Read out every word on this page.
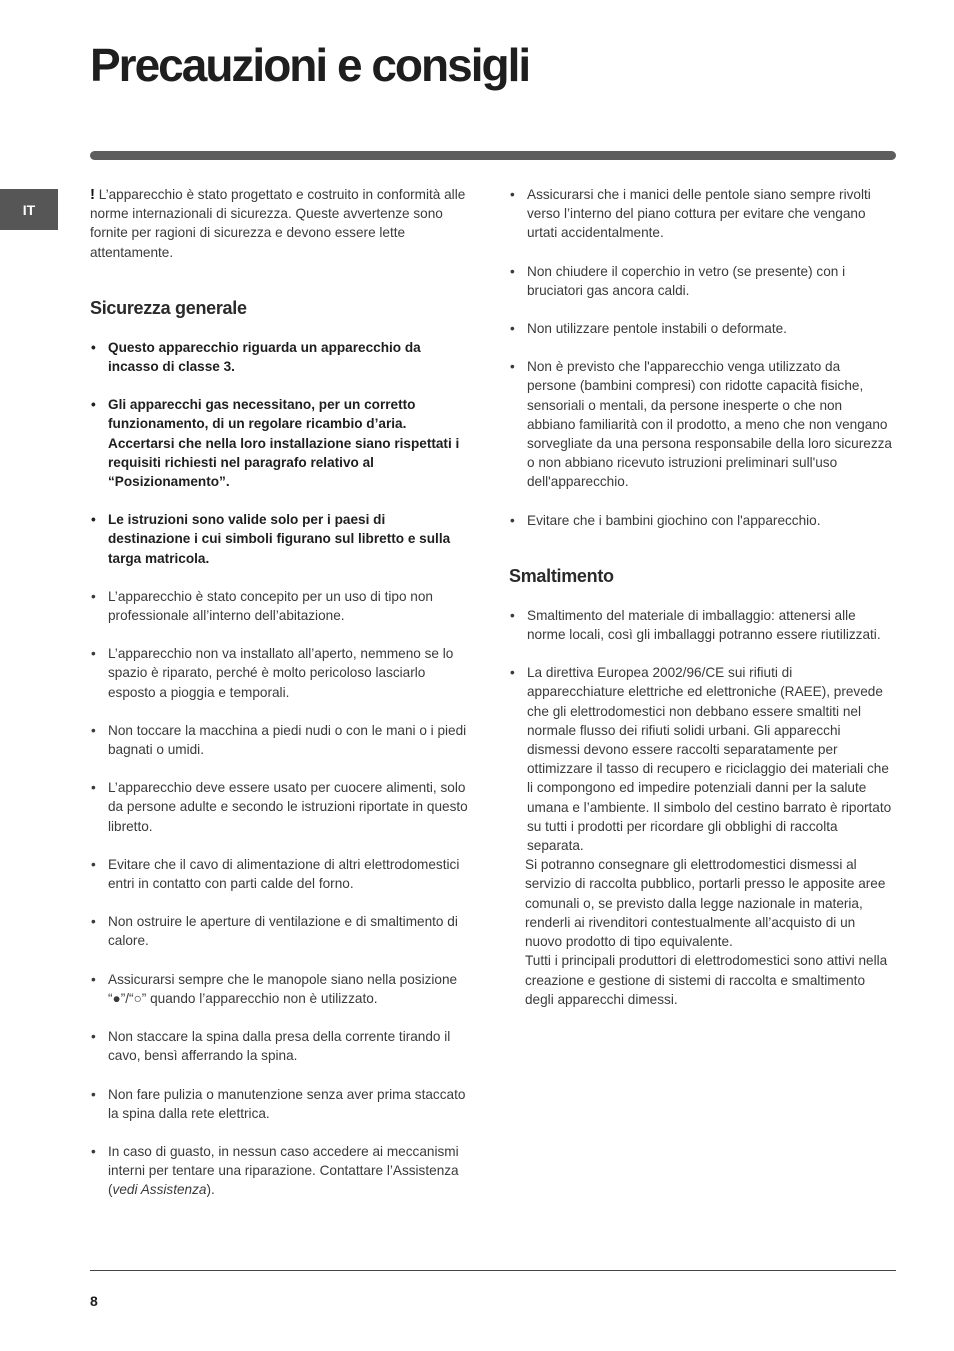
Precauzioni e consigli
IT

! L’apparecchio è stato progettato e costruito in conformità alle norme internazionali di sicurezza. Queste avvertenze sono fornite per ragioni di sicurezza e devono essere lette attentamente.

Sicurezza generale
• Questo apparecchio riguarda un apparecchio da incasso di classe 3.
• Gli apparecchi gas necessitano, per un corretto funzionamento, di un regolare ricambio d’aria. Accertarsi che nella loro installazione siano rispettati i requisiti richiesti nel paragrafo relativo al “Posizionamento”.
• Le istruzioni sono valide solo per i paesi di destinazione i cui simboli figurano sul libretto e sulla targa matricola.
• L’apparecchio è stato concepito per un uso di tipo non professionale all’interno dell’abitazione.
• L’apparecchio non va installato all’aperto, nemmeno se lo spazio è riparato, perché è molto pericoloso lasciarlo esposto a pioggia e temporali.
• Non toccare la macchina a piedi nudi o con le mani o i piedi bagnati o umidi.
• L’apparecchio deve essere usato per cuocere alimenti, solo da persone adulte e secondo le istruzioni riportate in questo libretto.
• Evitare che il cavo di alimentazione di altri elettrodomestici entri in contatto con parti calde del forno.
• Non ostruire le aperture di ventilazione e di smaltimento di calore.
• Assicurarsi sempre che le manopole siano nella posizione “●”/“○” quando l’apparecchio non è utilizzato.
• Non staccare la spina dalla presa della corrente tirando il cavo, bensì afferrando la spina.
• Non fare pulizia o manutenzione senza aver prima staccato la spina dalla rete elettrica.
• In caso di guasto, in nessun caso accedere ai meccanismi interni per tentare una riparazione. Contattare l’Assistenza (vedi Assistenza).
• Assicurarsi che i manici delle pentole siano sempre rivolti verso l’interno del piano cottura per evitare che vengano urtati accidentalmente.
• Non chiudere il coperchio in vetro (se presente) con i bruciatori gas ancora caldi.
• Non utilizzare pentole instabili o deformate.
• Non è previsto che l'apparecchio venga utilizzato da persone (bambini compresi) con ridotte capacità fisiche, sensoriali o mentali, da persone inesperte o che non abbiano familiarità con il prodotto, a meno che non vengano sorvegliate da una persona responsabile della loro sicurezza o non abbiano ricevuto istruzioni preliminari sull'uso dell'apparecchio.
• Evitare che i bambini giochino con l'apparecchio.
Smaltimento
• Smaltimento del materiale di imballaggio: attenersi alle norme locali, così gli imballaggi potranno essere riutilizzati.
• La direttiva Europea 2002/96/CE sui rifiuti di apparecchiature elettriche ed elettroniche (RAEE), prevede che gli elettrodomestici non debbano essere smaltiti nel normale flusso dei rifiuti solidi urbani. Gli apparecchi dismessi devono essere raccolti separatamente per ottimizzare il tasso di recupero e riciclaggio dei materiali che li compongono ed impedire potenziali danni per la salute umana e l’ambiente. Il simbolo del cestino barrato è riportato su tutti i prodotti per ricordare gli obblighi di raccolta separata.

Si potranno consegnare gli elettrodomestici dismessi al servizio di raccolta pubblico, portarli presso le apposite aree comunali o, se previsto dalla legge nazionale in materia, renderli ai rivenditori contestualmente all’acquisto di un nuovo prodotto di tipo equivalente.

Tutti i principali produttori di elettrodomestici sono attivi nella creazione e gestione di sistemi di raccolta e smaltimento degli apparecchi dimessi.

8
